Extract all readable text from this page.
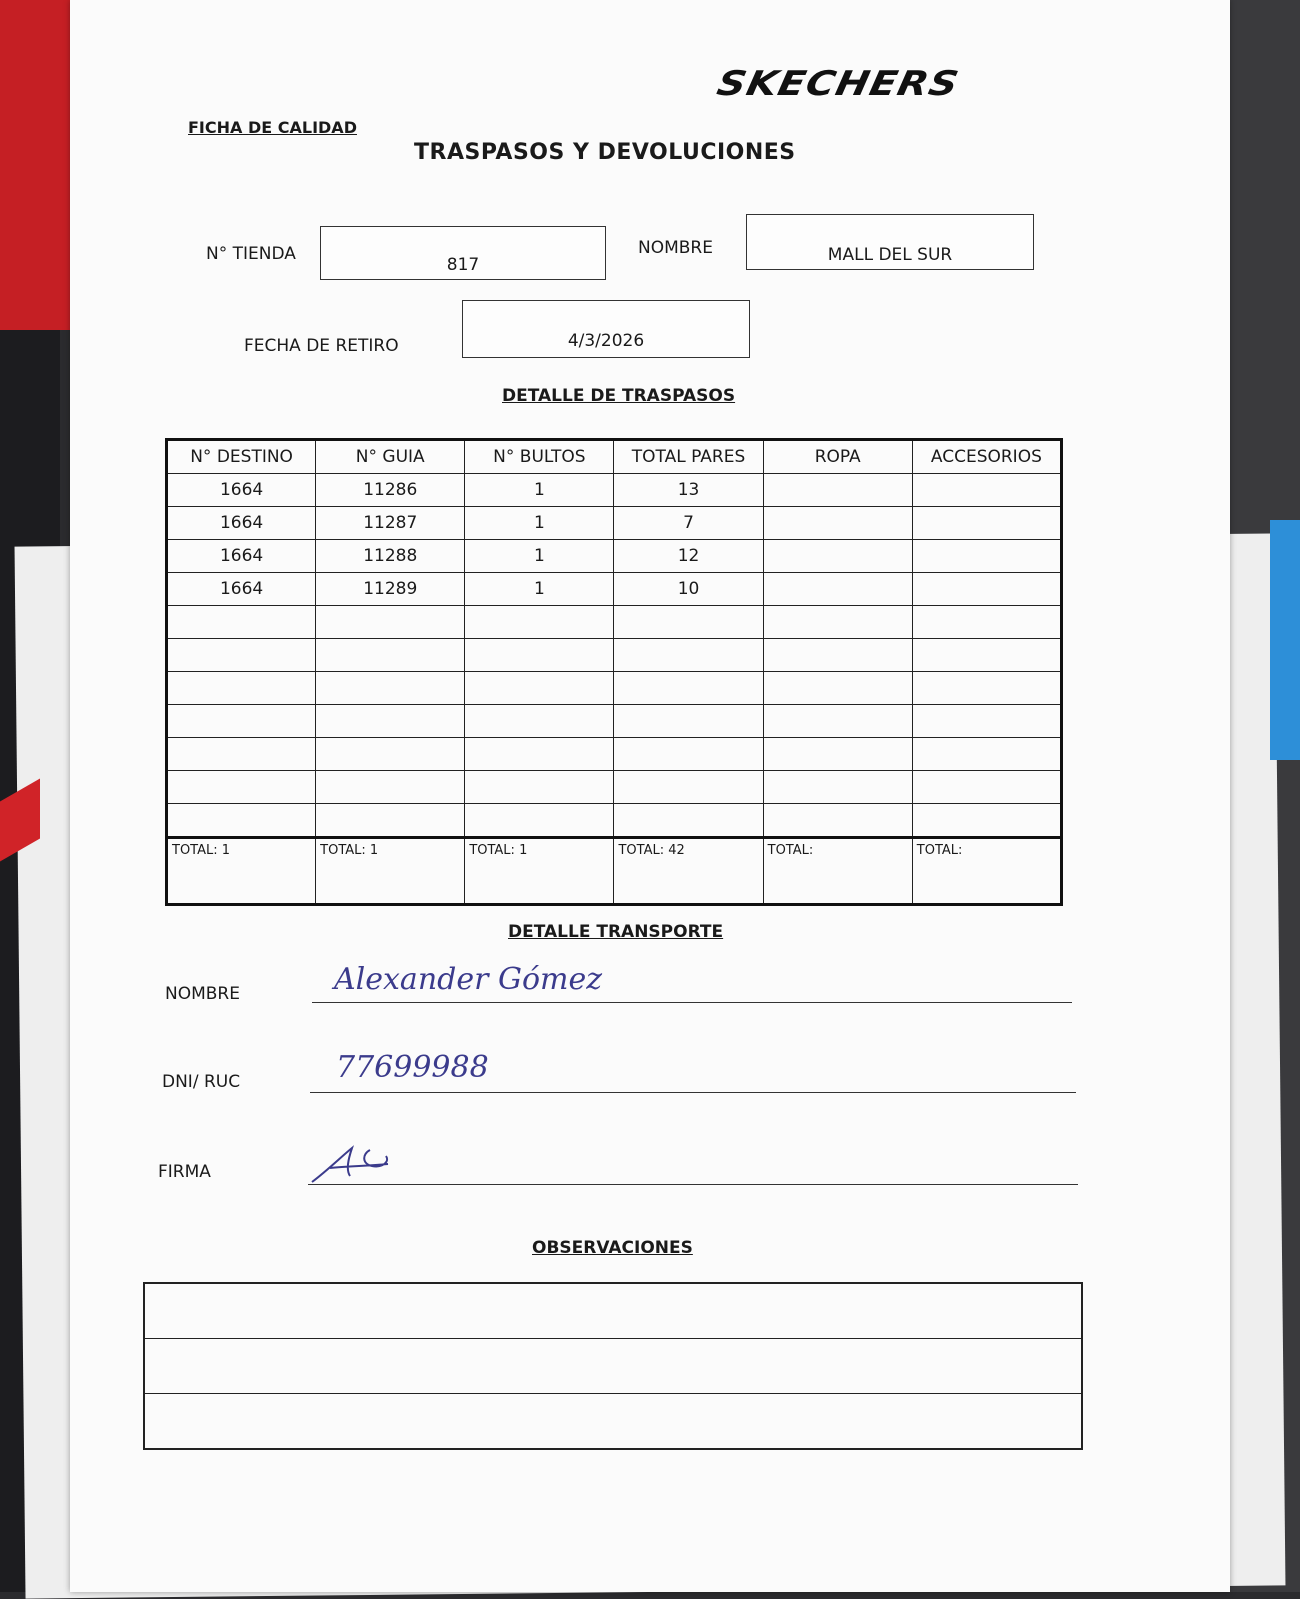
SKECHERS
FICHA DE CALIDAD
TRASPASOS Y DEVOLUCIONES
N° TIENDA
817
NOMBRE	MALL DEL SUR
FECHA DE RETIRO	4/3/2026
DETALLE DE TRASPASOS
N° DESTINO	N° GUIA	N° BULTOS	TOTAL PARES	ROPA	ACCESORIOS
1664	11286	1	13		
1664	11287	1	7		
1664	11288	1	12		
1664	11289	1	10		

TOTAL: 1	TOTAL: 1	TOTAL: 1	TOTAL: 42	TOTAL:	TOTAL:
DETALLE TRANSPORTE
NOMBRE	Alexander Gómez
DNI/ RUC	77699988
FIRMA
OBSERVACIONES
